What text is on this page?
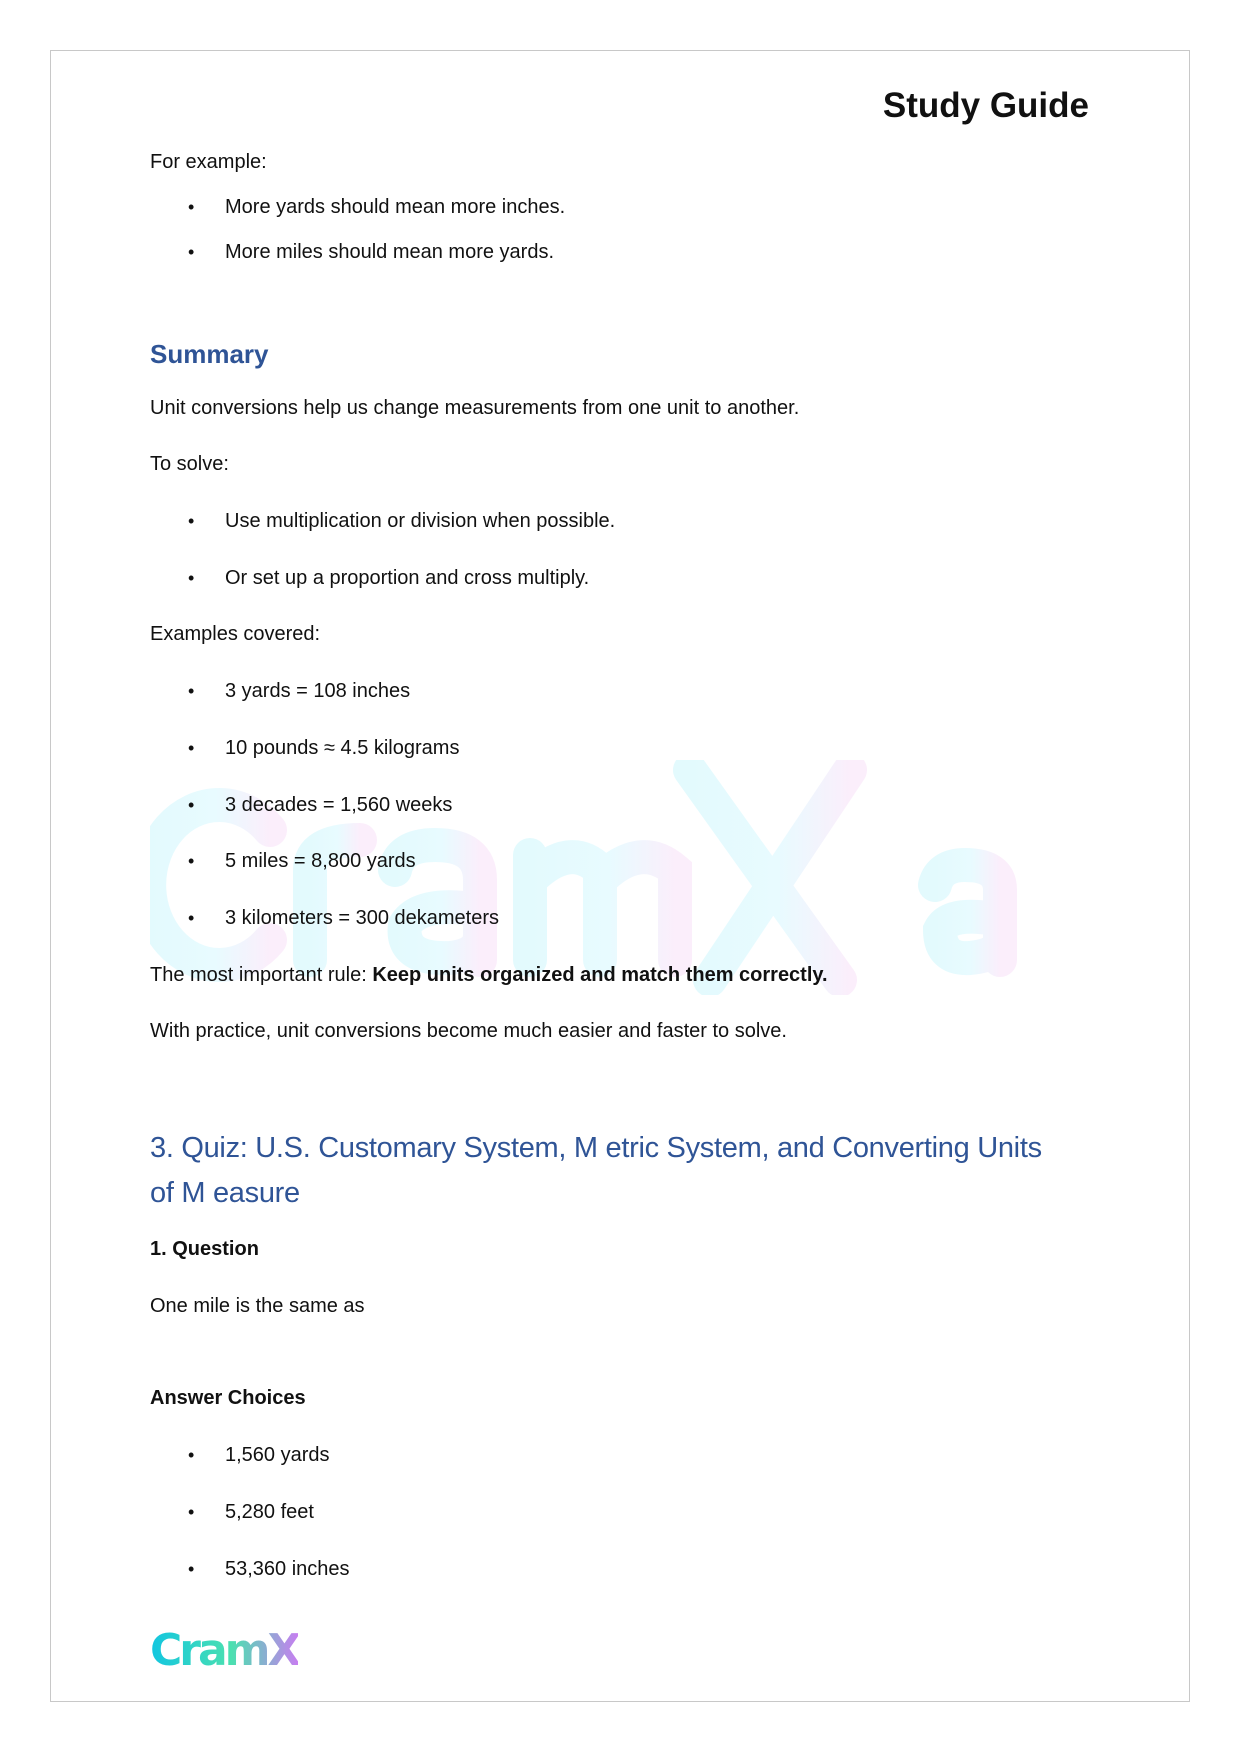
Study Guide
For example:
• More yards should mean more inches.
• More miles should mean more yards.
Summary
Unit conversions help us change measurements from one unit to another.
To solve:
• Use multiplication or division when possible.
• Or set up a proportion and cross multiply.
Examples covered:
• 3 yards = 108 inches
• 10 pounds ≈ 4.5 kilograms
• 3 decades = 1,560 weeks
• 5 miles = 8,800 yards
• 3 kilometers = 300 dekameters
The most important rule: Keep units organized and match them correctly.
With practice, unit conversions become much easier and faster to solve.
3. Quiz: U.S. Customary System, M etric System, and Converting Units
of M easure
1. Question
One mile is the same as
Answer Choices
• 1,560 yards
• 5,280 feet
• 53,360 inches
CramX
